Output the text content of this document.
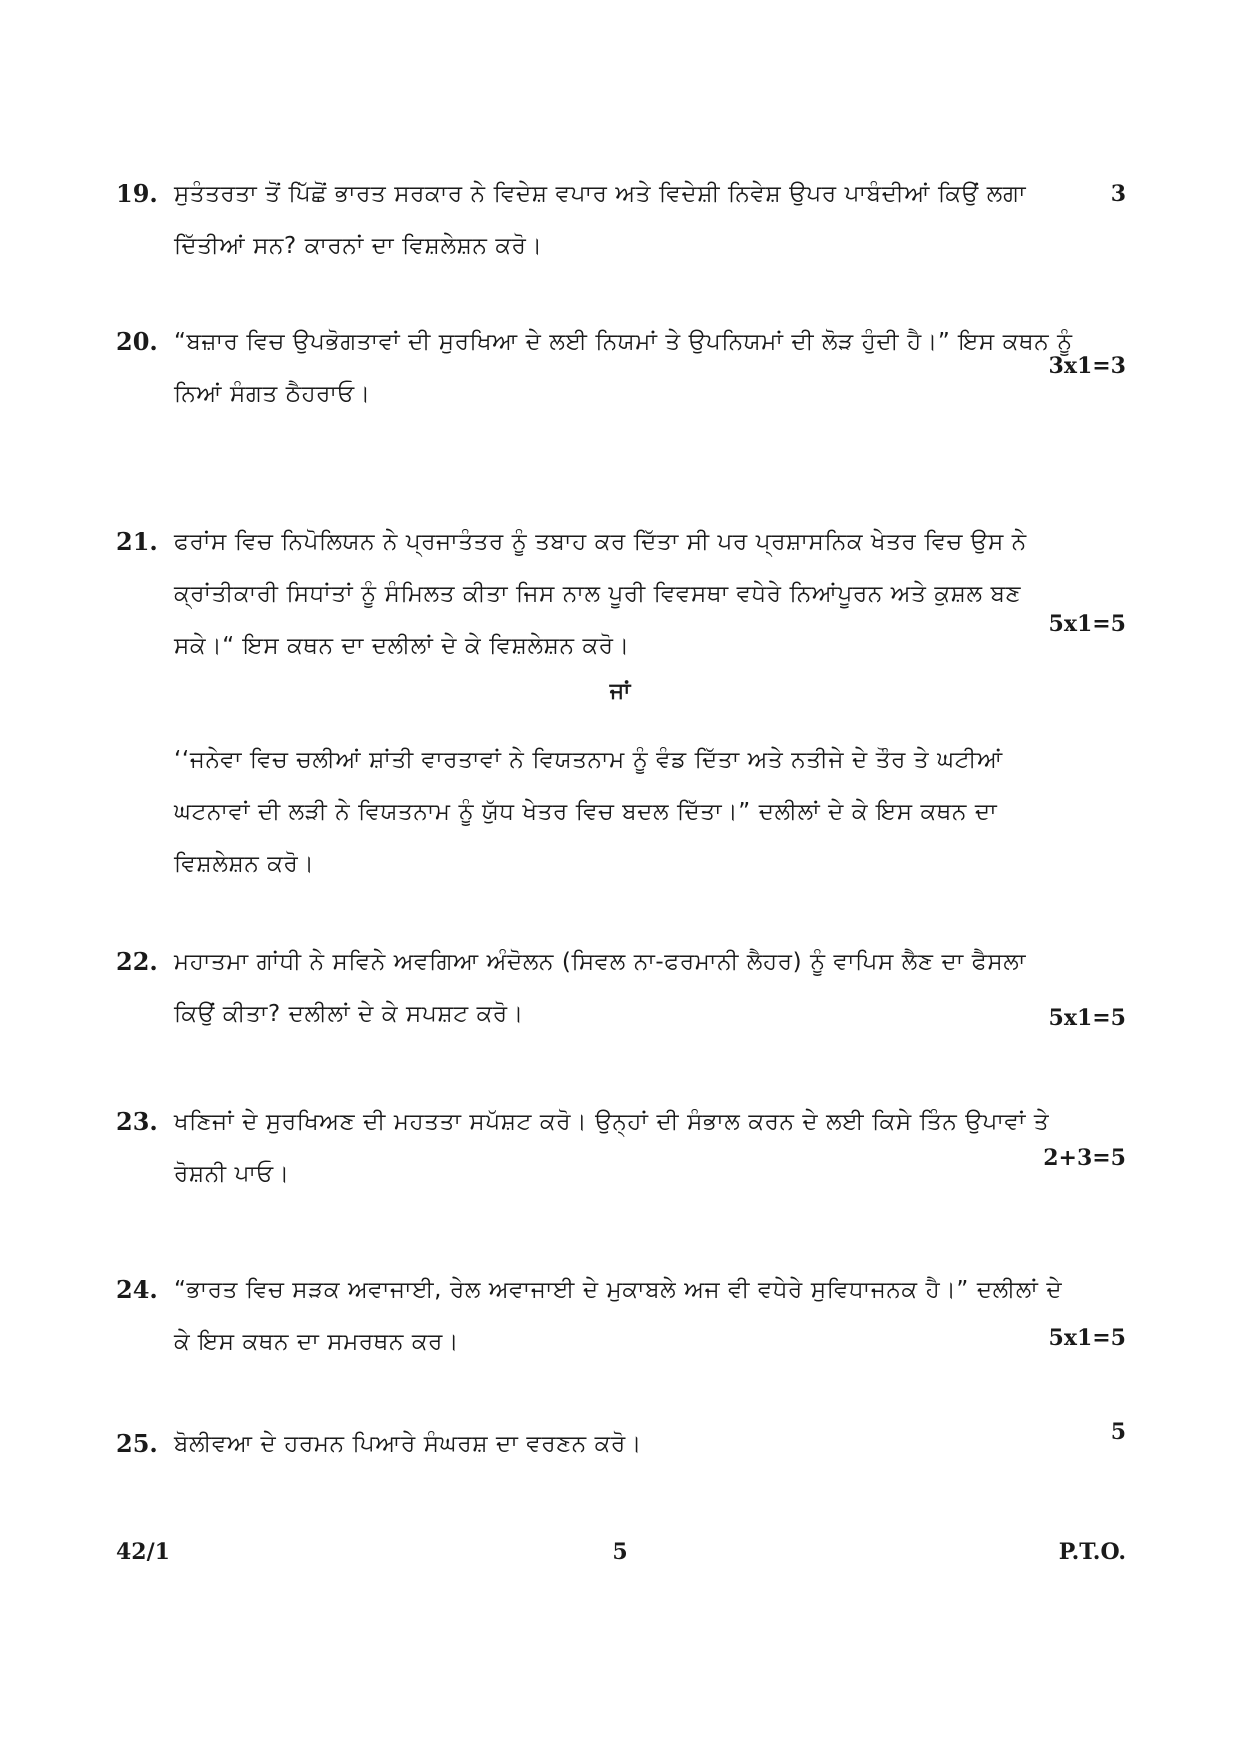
19. ਸੁਤੰਤਰਤਾ ਤੋਂ ਪਿੱਛੋਂ ਭਾਰਤ ਸਰਕਾਰ ਨੇ ਵਿਦੇਸ਼ ਵਪਾਰ ਅਤੇ ਵਿਦੇਸ਼ੀ ਨਿਵੇਸ਼ ਉਪਰ ਪਾਬੰਦੀਆਂ ਕਿਉਂ ਲਗਾ ਦਿੱਤੀਆਂ ਸਨ? ਕਾਰਨਾਂ ਦਾ ਵਿਸ਼ਲੇਸ਼ਨ ਕਰੋ।
3
20. “ਬਜ਼ਾਰ ਵਿਚ ਉਪਭੋਗਤਾਵਾਂ ਦੀ ਸੁਰਖਿਆ ਦੇ ਲਈ ਨਿਯਮਾਂ ਤੇ ਉਪਨਿਯਮਾਂ ਦੀ ਲੋੜ ਹੁੰਦੀ ਹੈ।” ਇਸ ਕਥਨ ਨੂੰ ਨਿਆਂ ਸੰਗਤ ਠੈਹਰਾਓ।
3x1=3
21. ਫਰਾਂਸ ਵਿਚ ਨਿਪੋਲਿਯਨ ਨੇ ਪ੍ਰਜਾਤੰਤਰ ਨੂੰ ਤਬਾਹ ਕਰ ਦਿੱਤਾ ਸੀ ਪਰ ਪ੍ਰਸ਼ਾਸਨਿਕ ਖੇਤਰ ਵਿਚ ਉਸ ਨੇ ਕ੍ਰਾਂਤੀਕਾਰੀ ਸਿਧਾਂਤਾਂ ਨੂੰ ਸੰਮਿਲਤ ਕੀਤਾ ਜਿਸ ਨਾਲ ਪੂਰੀ ਵਿਵਸਥਾ ਵਧੇਰੇ ਨਿਆਂਪੂਰਨ ਅਤੇ ਕੁਸ਼ਲ ਬਣ ਸਕੇ।“ ਇਸ ਕਥਨ ਦਾ ਦਲੀਲਾਂ ਦੇ ਕੇ ਵਿਸ਼ਲੇਸ਼ਨ ਕਰੋ।
5x1=5
ਜਾਂ
‘‘ਜਨੇਵਾ ਵਿਚ ਚਲੀਆਂ ਸ਼ਾਂਤੀ ਵਾਰਤਾਵਾਂ ਨੇ ਵਿਯਤਨਾਮ ਨੂੰ ਵੰਡ ਦਿੱਤਾ ਅਤੇ ਨਤੀਜੇ ਦੇ ਤੌਰ ਤੇ ਘਟੀਆਂ ਘਟਨਾਵਾਂ ਦੀ ਲੜੀ ਨੇ ਵਿਯਤਨਾਮ ਨੂੰ ਯੁੱਧ ਖੇਤਰ ਵਿਚ ਬਦਲ ਦਿੱਤਾ।” ਦਲੀਲਾਂ ਦੇ ਕੇ ਇਸ ਕਥਨ ਦਾ ਵਿਸ਼ਲੇਸ਼ਨ ਕਰੋ।
22. ਮਹਾਤਮਾ ਗਾਂਧੀ ਨੇ ਸਵਿਨੇ ਅਵਗਿਆ ਅੰਦੋਲਨ (ਸਿਵਲ ਨਾ-ਫਰਮਾਨੀ ਲੈਹਰ) ਨੂੰ ਵਾਪਿਸ ਲੈਣ ਦਾ ਫੈਸਲਾ ਕਿਉਂ ਕੀਤਾ? ਦਲੀਲਾਂ ਦੇ ਕੇ ਸਪਸ਼ਟ ਕਰੋ।	5x1=5
23. ਖਣਿਜਾਂ ਦੇ ਸੁਰਖਿਅਣ ਦੀ ਮਹਤਤਾ ਸਪੱਸ਼ਟ ਕਰੋ। ਉਨ੍ਹਾਂ ਦੀ ਸੰਭਾਲ ਕਰਨ ਦੇ ਲਈ ਕਿਸੇ ਤਿੰਨ ਉਪਾਵਾਂ ਤੇ ਰੋਸ਼ਨੀ ਪਾਓ।
2+3=5
24. “ਭਾਰਤ ਵਿਚ ਸੜਕ ਅਵਾਜਾਈ, ਰੇਲ ਅਵਾਜਾਈ ਦੇ ਮੁਕਾਬਲੇ ਅਜ ਵੀ ਵਧੇਰੇ ਸੁਵਿਧਾਜਨਕ ਹੈ।” ਦਲੀਲਾਂ ਦੇ ਕੇ ਇਸ ਕਥਨ ਦਾ ਸਮਰਥਨ ਕਰ।	5x1=5
25. ਬੋਲੀਵਆ ਦੇ ਹਰਮਨ ਪਿਆਰੇ ਸੰਘਰਸ਼ ਦਾ ਵਰਣਨ ਕਰੋ।	5
42/1	5	P.T.O.
